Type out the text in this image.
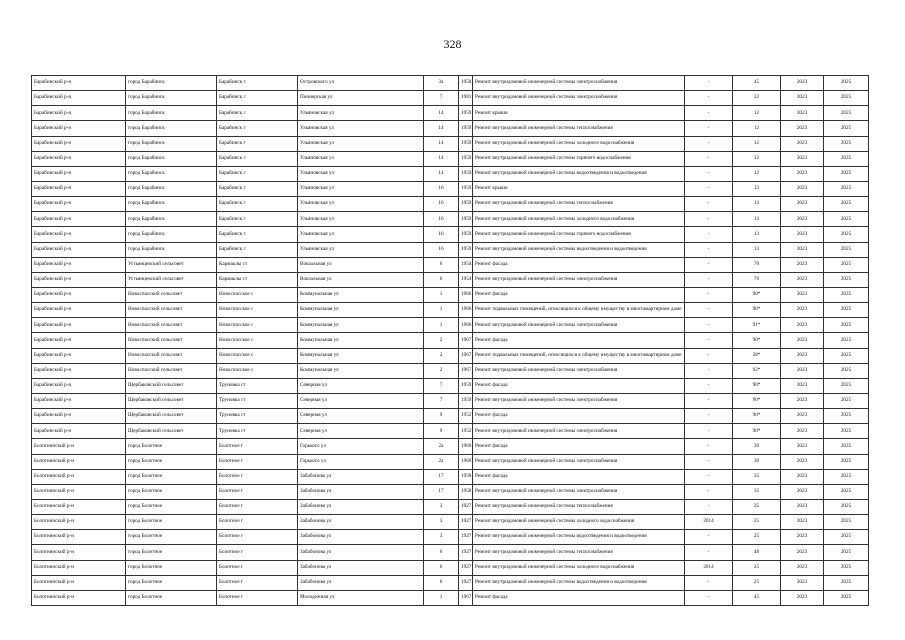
328
Барабинский р-н	город Барабинск	Барабинск г	Островского ул	3а	1958	Ремонт внутридомовой инженерной системы электроснабжения	-	45	2023	2025
Барабинский р-н	город Барабинск	Барабинск г	Пионерская ул	7	1981	Ремонт внутридомовой инженерной системы электроснабжения	-	22	2023	2025
Барабинский р-н	город Барабинск	Барабинск г	Ульяновская ул	14	1959	Ремонт крыши	-	12	2023	2025
Барабинский р-н	город Барабинск	Барабинск г	Ульяновская ул	14	1959	Ремонт внутридомовой инженерной системы теплоснабжения	-	12	2023	2025
Барабинский р-н	город Барабинск	Барабинск г	Ульяновская ул	14	1959	Ремонт внутридомовой инженерной системы холодного водоснабжения	-	12	2023	2025
Барабинский р-н	город Барабинск	Барабинск г	Ульяновская ул	14	1959	Ремонт внутридомовой инженерной системы горячего водоснабжения	-	12	2023	2025
Барабинский р-н	город Барабинск	Барабинск г	Ульяновская ул	14	1959	Ремонт внутридомовой инженерной системы водоотведения и водоотведения	-	12	2023	2025
Барабинский р-н	город Барабинск	Барабинск г	Ульяновская ул	16	1959	Ремонт крыши	-	13	2023	2025
Барабинский р-н	город Барабинск	Барабинск г	Ульяновская ул	16	1959	Ремонт внутридомовой инженерной системы теплоснабжения	-	13	2023	2025
Барабинский р-н	город Барабинск	Барабинск г	Ульяновская ул	16	1959	Ремонт внутридомовой инженерной системы холодного водоснабжения	-	13	2023	2025
Барабинский р-н	город Барабинск	Барабинск г	Ульяновская ул	16	1959	Ремонт внутридомовой инженерной системы горячего водоснабжения	-	13	2023	2025
Барабинский р-н	город Барабинск	Барабинск г	Ульяновская ул	16	1959	Ремонт внутридомовой инженерной системы водоотведения и водоотведения	-	13	2023	2025
Барабинский р-н	Устьянцевский сельсовет	Кармаклы ст	Вокзальная ул	6	1954	Ремонт фасада	-	70	2023	2025
Барабинский р-н	Устьянцевский сельсовет	Кармаклы ст	Вокзальная ул	6	1954	Ремонт внутридомовой инженерной системы электроснабжения	-	70	2023	2025
Барабинский р-н	Новоспасский сельсовет	Новоспасское с	Коммунальная ул	1	1966	Ремонт фасада	-	90*	2023	2025
Барабинский р-н	Новоспасский сельсовет	Новоспасское с	Коммунальная ул	1	1966	Ремонт подвальных помещений, относящихся к общему имуществу в многоквартирном доме	-	90*	2023	2025
Барабинский р-н	Новоспасский сельсовет	Новоспасское с	Коммунальная ул	1	1966	Ремонт внутридомовой инженерной системы электроснабжения	-	91*	2023	2025
Барабинский р-н	Новоспасский сельсовет	Новоспасское с	Коммунальная ул	2	1967	Ремонт фасада	-	90*	2023	2025
Барабинский р-н	Новоспасский сельсовет	Новоспасское с	Коммунальная ул	2	1967	Ремонт подвальных помещений, относящихся к общему имуществу в многоквартирном доме	-	28*	2023	2025
Барабинский р-н	Новоспасский сельсовет	Новоспасское с	Коммунальная ул	2	1967	Ремонт внутридомовой инженерной системы электроснабжения	-	92*	2023	2025
Барабинский р-н	Щербаковский сельсовет	Труновка ст	Северная ул	7	1959	Ремонт фасада	-	90*	2023	2025
Барабинский р-н	Щербаковский сельсовет	Труновка ст	Северная ул	7	1959	Ремонт внутридомовой инженерной системы электроснабжения	-	90*	2023	2025
Барабинский р-н	Щербаковский сельсовет	Труновка ст	Северная ул	9	1952	Ремонт фасада	-	90*	2023	2025
Барабинский р-н	Щербаковский сельсовет	Труновка ст	Северная ул	9	1952	Ремонт внутридомовой инженерной системы электроснабжения	-	90*	2023	2025
Болотнинский р-н	город Болотное	Болотное г	Горького ул	2а	1960	Ремонт фасада	-	30	2023	2025
Болотнинский р-н	город Болотное	Болотное г	Горького ул	2а	1960	Ремонт внутридомовой инженерной системы электроснабжения	-	30	2023	2025
Болотнинский р-н	город Болотное	Болотное г	Забабонова ул	17	1958	Ремонт фасада	-	35	2023	2025
Болотнинский р-н	город Болотное	Болотное г	Забабонова ул	17	1958	Ремонт внутридомовой инженерной системы электроснабжения	-	35	2023	2025
Болотнинский р-н	город Болотное	Болотное г	Забабонова ул	3	1927	Ремонт внутридомовой инженерной системы теплоснабжения	-	25	2023	2025
Болотнинский р-н	город Болотное	Болотное г	Забабонова ул	3	1927	Ремонт внутридомовой инженерной системы холодного водоснабжения	2014	25	2023	2025
Болотнинский р-н	город Болотное	Болотное г	Забабонова ул	3	1927	Ремонт внутридомовой инженерной системы водоотведения и водоотведения	-	25	2023	2025
Болотнинский р-н	город Болотное	Болотное г	Забабонова ул	6	1927	Ремонт внутридомовой инженерной системы теплоснабжения	-	48	2023	2025
Болотнинский р-н	город Болотное	Болотное г	Забабонова ул	6	1927	Ремонт внутридомовой инженерной системы холодного водоснабжения	2014	25	2023	2025
Болотнинский р-н	город Болотное	Болотное г	Забабонова ул	6	1927	Ремонт внутридомовой инженерной системы водоотведения и водоотведения	-	25	2023	2025
Болотнинский р-н	город Болотное	Болотное г	Молодежная ул	1	1967	Ремонт фасада	-	45	2023	2025
